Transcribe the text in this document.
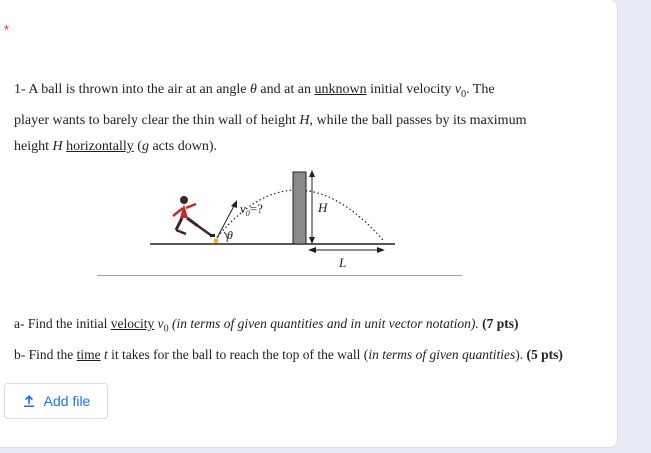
*

1- A ball is thrown into the air at an angle θ and at an unknown initial velocity $v_0$. The

player wants to barely clear the thin wall of height H, while the ball passes by its maximum

height H horizontally (g acts down).

$v_0=$?
θ
H
L
a- Find the initial velocity $v_0$ (in terms of given quantities and in unit vector notation). (7 pts)
b- Find the time t it takes for the ball to reach the top of the wall (in terms of given quantities). (5 pts)
Add file
